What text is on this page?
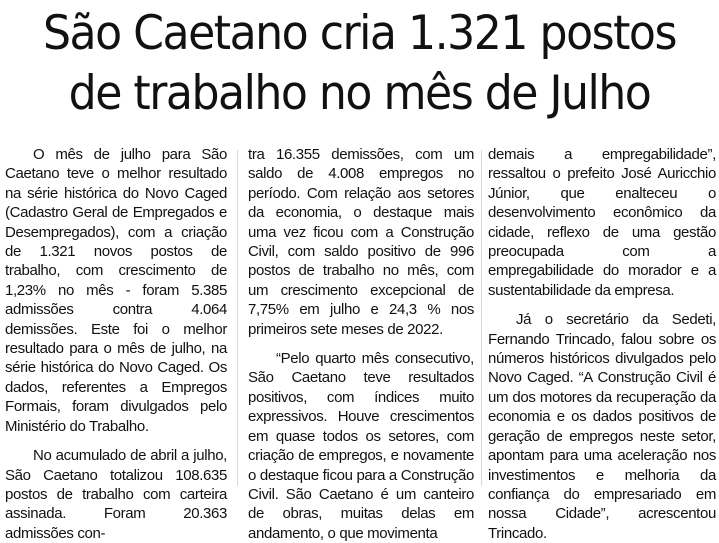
São Caetano cria 1.321 postos
de trabalho no mês de Julho

O mês de julho para São Caetano teve o melhor resultado na série histórica do Novo Caged (Cadastro Geral de Empregados e Desempregados), com a criação de 1.321 novos postos de trabalho, com crescimento de 1,23% no mês - foram 5.385 admissões contra 4.064 demissões. Este foi o melhor resultado para o mês de julho, na série histórica do Novo Caged. Os dados, referentes a Empregos Formais, foram divulgados pelo Ministério do Trabalho.

No acumulado de abril a julho, São Caetano totalizou 108.635 postos de trabalho com carteira assinada. Foram 20.363 admissões con-

tra 16.355 demissões, com um saldo de 4.008 empregos no período. Com relação aos setores da economia, o destaque mais uma vez ficou com a Construção Civil, com saldo positivo de 996 postos de trabalho no mês, com um crescimento excepcional de 7,75% em julho e 24,3 % nos primeiros sete meses de 2022.

“Pelo quarto mês consecutivo, São Caetano teve resultados positivos, com índices muito expressivos. Houve crescimentos em quase todos os setores, com criação de empregos, e novamente o destaque ficou para a Construção Civil. São Caetano é um canteiro de obras, muitas delas em andamento, o que movimenta

demais a empregabilidade”, ressaltou o prefeito José Auricchio Júnior, que enalteceu o desenvolvimento econômico da cidade, reflexo de uma gestão preocupada com a empregabilidade do morador e a sustentabilidade da empresa.

Já o secretário da Sedeti, Fernando Trincado, falou sobre os números históricos divulgados pelo Novo Caged. “A Construção Civil é um dos motores da recuperação da economia e os dados positivos de geração de empregos neste setor, apontam para uma aceleração nos investimentos e melhoria da confiança do empresariado em nossa Cidade”, acrescentou Trincado.
